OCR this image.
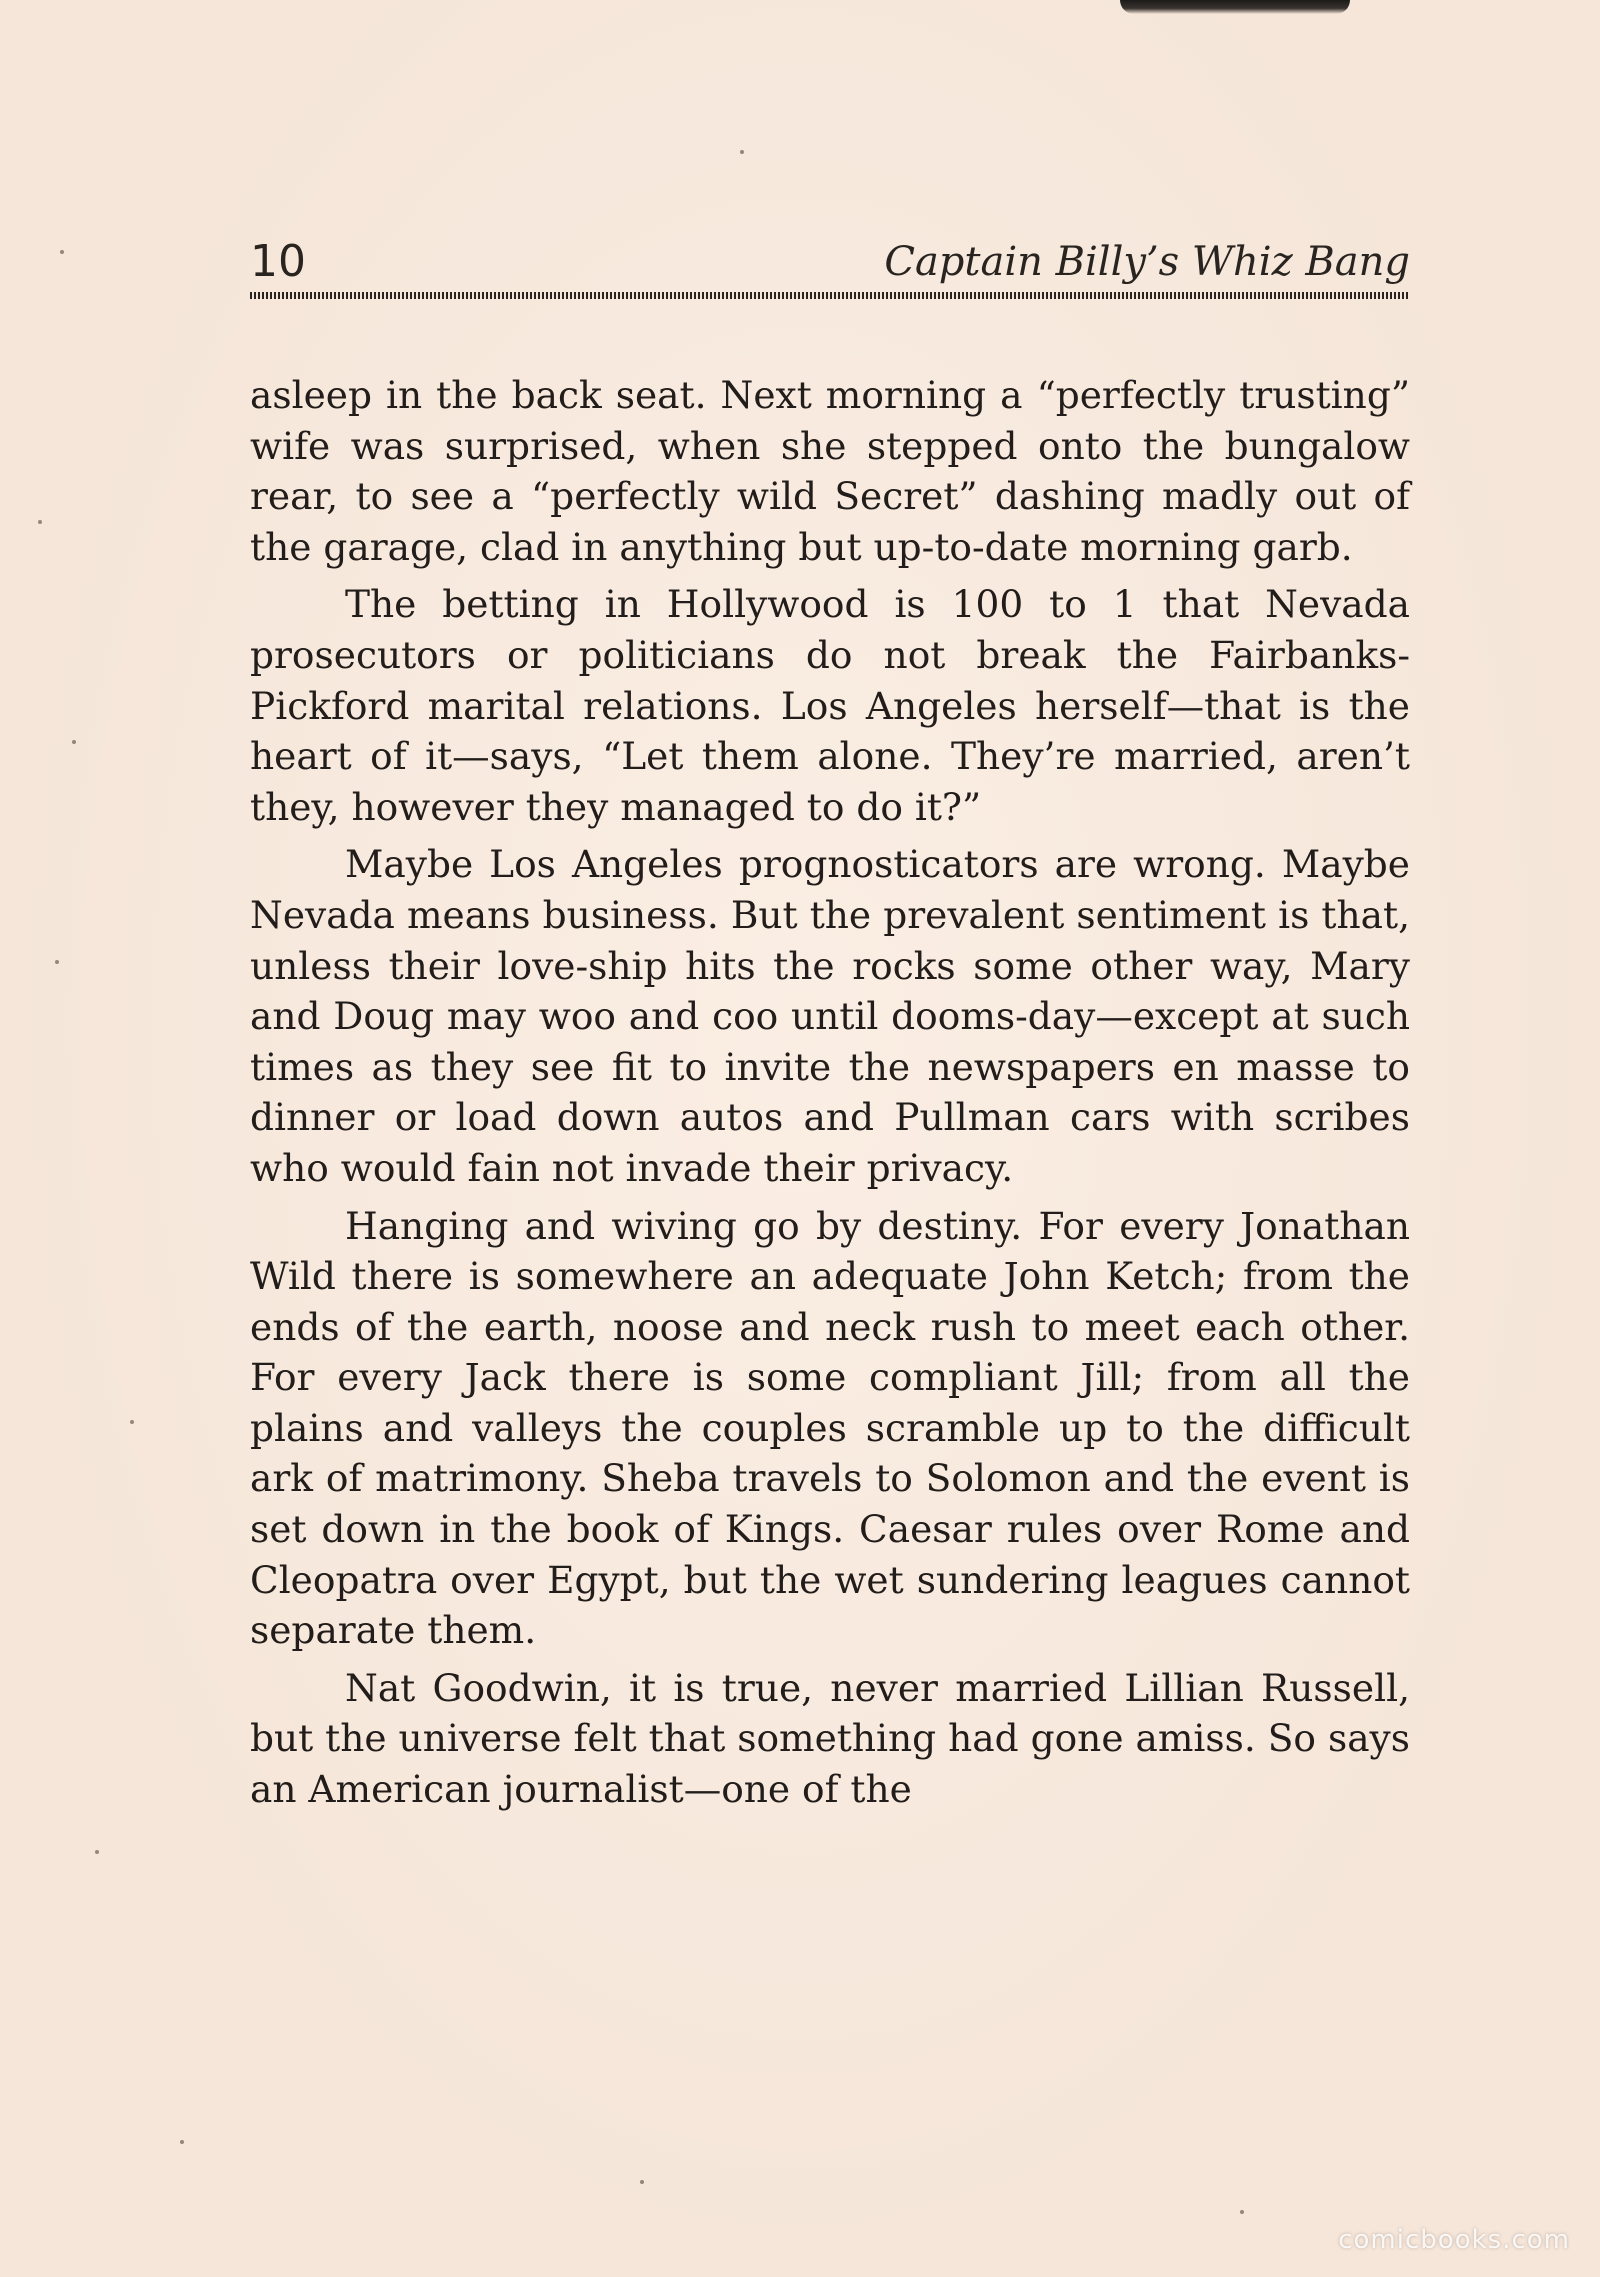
10	Captain Billy’s Whiz Bang

asleep in the back seat. Next morning a “perfectly trusting” wife was surprised, when she stepped onto the bungalow rear, to see a “perfectly wild Secret” dashing madly out of the garage, clad in anything but up-to-date morning garb.

The betting in Hollywood is 100 to 1 that Nevada prosecutors or politicians do not break the Fairbanks-Pickford marital relations. Los Angeles herself—that is the heart of it—says, “Let them alone. They’re married, aren’t they, however they managed to do it?”

Maybe Los Angeles prognosticators are wrong. Maybe Nevada means business. But the prevalent sentiment is that, unless their love-ship hits the rocks some other way, Mary and Doug may woo and coo until dooms-day—except at such times as they see fit to invite the newspapers en masse to dinner or load down autos and Pullman cars with scribes who would fain not invade their privacy.

Hanging and wiving go by destiny. For every Jonathan Wild there is somewhere an adequate John Ketch; from the ends of the earth, noose and neck rush to meet each other. For every Jack there is some compliant Jill; from all the plains and valleys the couples scramble up to the difficult ark of matrimony. Sheba travels to Solomon and the event is set down in the book of Kings. Caesar rules over Rome and Cleopatra over Egypt, but the wet sundering leagues cannot separate them.

Nat Goodwin, it is true, never married Lillian Russell, but the universe felt that something had gone amiss. So says an American journalist—one of the

comicbooks.com
